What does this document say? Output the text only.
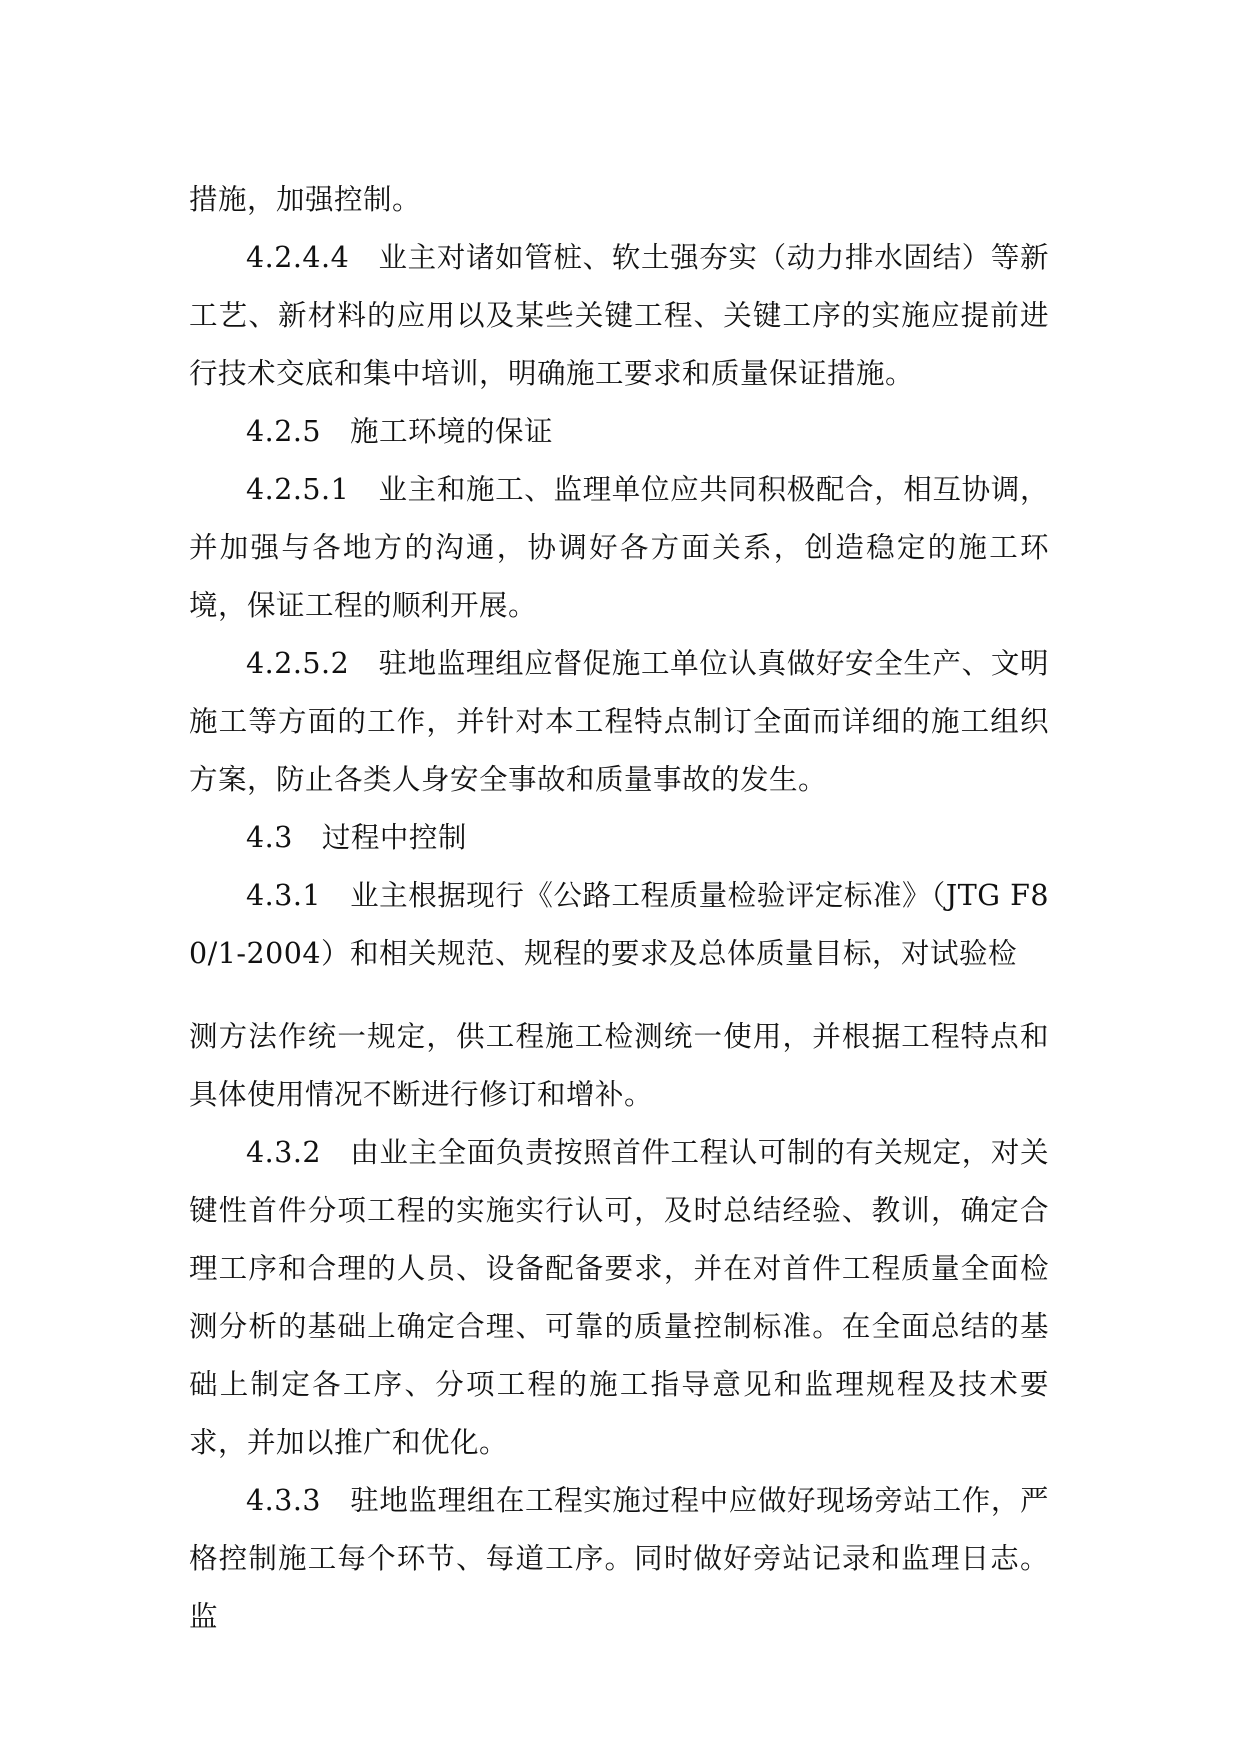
措施，加强控制。

4.2.4.4　业主对诸如管桩、软土强夯实（动力排水固结）等新工艺、新材料的应用以及某些关键工程、关键工序的实施应提前进行技术交底和集中培训，明确施工要求和质量保证措施。

4.2.5　施工环境的保证

4.2.5.1　业主和施工、监理单位应共同积极配合，相互协调，并加强与各地方的沟通，协调好各方面关系，创造稳定的施工环境，保证工程的顺利开展。

4.2.5.2　驻地监理组应督促施工单位认真做好安全生产、文明施工等方面的工作，并针对本工程特点制订全面而详细的施工组织方案，防止各类人身安全事故和质量事故的发生。

4.3　过程中控制

4.3.1　业主根据现行《公路工程质量检验评定标准》（JTG F80/1-2004）和相关规范、规程的要求及总体质量目标，对试验检

测方法作统一规定，供工程施工检测统一使用，并根据工程特点和具体使用情况不断进行修订和增补。

4.3.2　由业主全面负责按照首件工程认可制的有关规定，对关键性首件分项工程的实施实行认可，及时总结经验、教训，确定合理工序和合理的人员、设备配备要求，并在对首件工程质量全面检测分析的基础上确定合理、可靠的质量控制标准。在全面总结的基础上制定各工序、分项工程的施工指导意见和监理规程及技术要求，并加以推广和优化。

4.3.3　驻地监理组在工程实施过程中应做好现场旁站工作，严格控制施工每个环节、每道工序。同时做好旁站记录和监理日志。监
